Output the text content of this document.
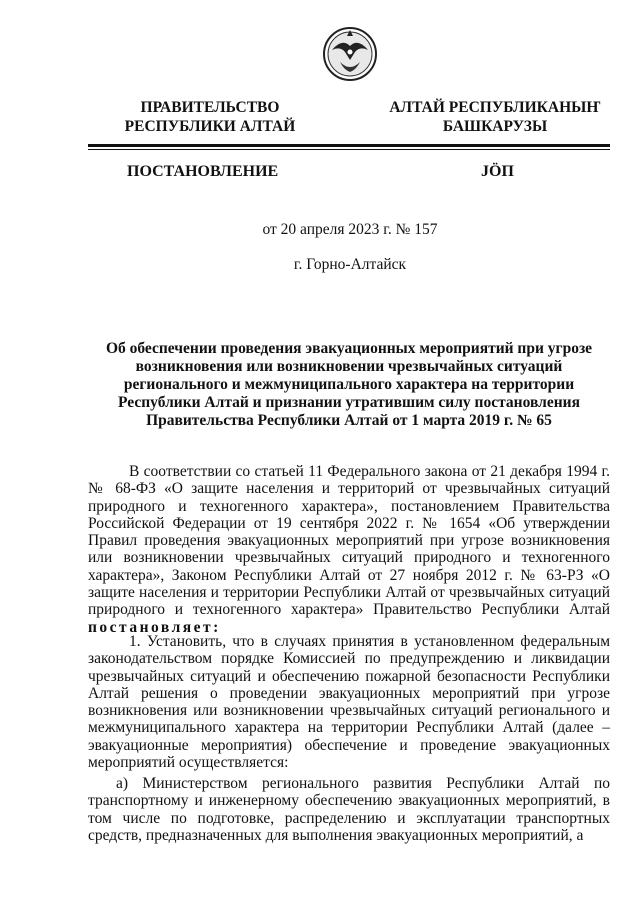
ПРАВИТЕЛЬСТВО
РЕСПУБЛИКИ АЛТАЙ
АЛТАЙ РЕСПУБЛИКАНЫҤ
БАШКАРУЗЫ
ПОСТАНОВЛЕНИЕ	JӦП
от 20 апреля 2023 г. № 157
г. Горно-Алтайск
Об обеспечении проведения эвакуационных мероприятий при угрозе возникновения или возникновении чрезвычайных ситуаций регионального и межмуниципального характера на территории Республики Алтай и признании утратившим силу постановления Правительства Республики Алтай от 1 марта 2019 г. № 65

В соответствии со статьей 11 Федерального закона от 21 декабря 1994 г. № 68-ФЗ «О защите населения и территорий от чрезвычайных ситуаций природного и техногенного характера», постановлением Правительства Российской Федерации от 19 сентября 2022 г. № 1654 «Об утверждении Правил проведения эвакуационных мероприятий при угрозе возникновения или возникновении чрезвычайных ситуаций природного и техногенного характера», Законом Республики Алтай от 27 ноября 2012 г. № 63-РЗ «О защите населения и территории Республики Алтай от чрезвычайных ситуаций природного и техногенного характера» Правительство Республики Алтай постановляет:

1. Установить, что в случаях принятия в установленном федеральным законодательством порядке Комиссией по предупреждению и ликвидации чрезвычайных ситуаций и обеспечению пожарной безопасности Республики Алтай решения о проведении эвакуационных мероприятий при угрозе возникновения или возникновении чрезвычайных ситуаций регионального и межмуниципального характера на территории Республики Алтай (далее – эвакуационные мероприятия) обеспечение и проведение эвакуационных мероприятий осуществляется:

а) Министерством регионального развития Республики Алтай по транспортному и инженерному обеспечению эвакуационных мероприятий, в том числе по подготовке, распределению и эксплуатации транспортных средств, предназначенных для выполнения эвакуационных мероприятий, а
